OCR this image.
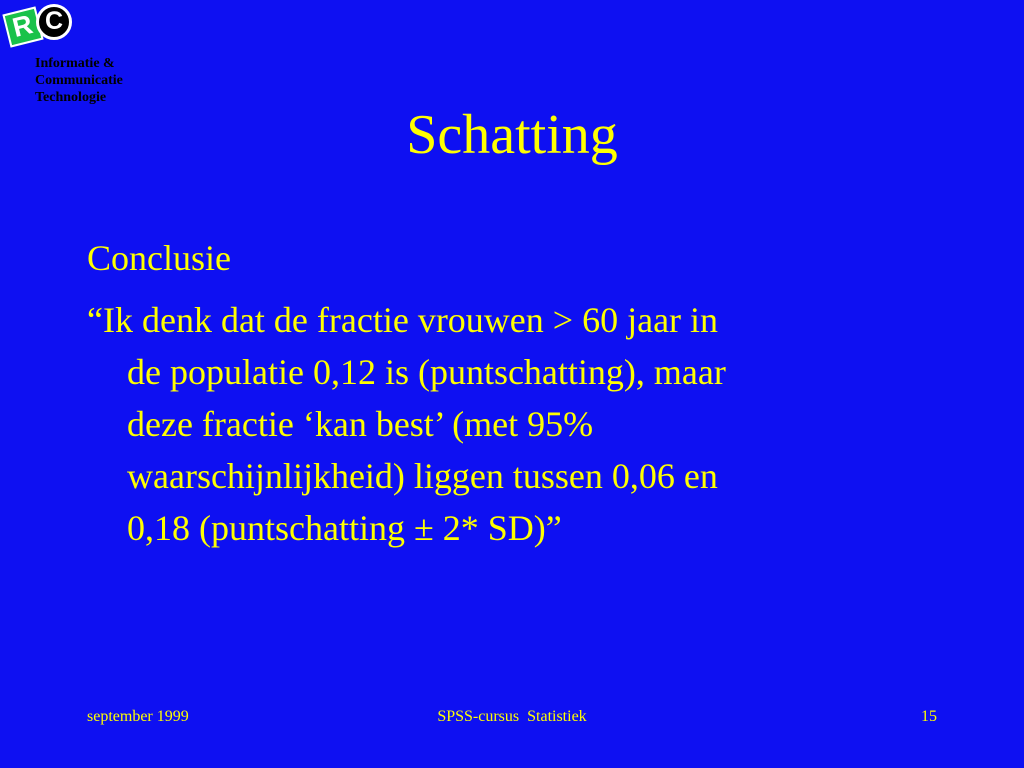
R C
Informatie &
Communicatie
Technologie
Schatting

Conclusie

“Ik denk dat de fractie vrouwen > 60 jaar in
de populatie 0,12 is (puntschatting), maar
deze fractie ‘kan best’ (met 95%
waarschijnlijkheid) liggen tussen 0,06 en
0,18 (puntschatting ± 2* SD)”

september 1999	SPSS-cursus  Statistiek	15
